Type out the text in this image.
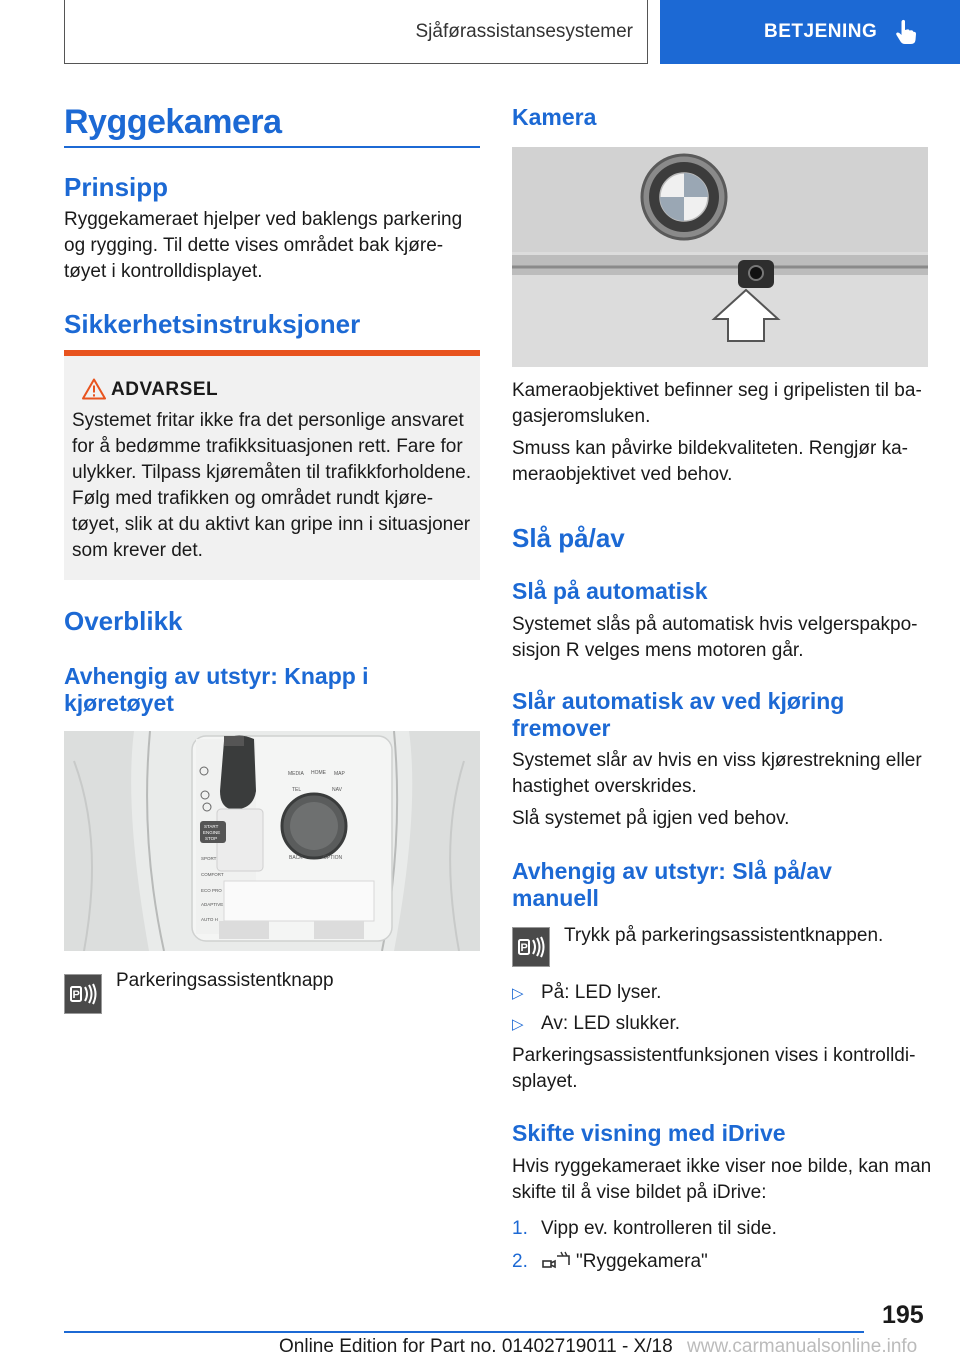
Sjåførassistansesystemer	BETJENING
Ryggekamera
Prinsipp
Ryggekameraet hjelper ved baklengs parkering
og rygging. Til dette vises området bak kjøre-
tøyet i kontrolldisplayet.
Sikkerhetsinstruksjoner
ADVARSEL
Systemet fritar ikke fra det personlige ansvaret
for å bedømme trafikksituasjonen rett. Fare for
ulykker. Tilpass kjøremåten til trafikkforholdene.
Følg med trafikken og området rundt kjøre-
tøyet, slik at du aktivt kan gripe inn i situasjoner
som krever det.
Overblikk
Avhengig av utstyr: Knapp i
kjøretøyet
MEDIA HOME MAP
TEL	NAV
BACK	OPTION
START
ENGINE
STOP
SPORT
COMFORT
ECO PRO
ADAPTIVE
AUTO H
P
Parkeringsassistentknapp
Kamera
Kameraobjektivet befinner seg i gripelisten til ba-
gasjeromsluken.
Smuss kan påvirke bildekvaliteten. Rengjør ka-
meraobjektivet ved behov.
Slå på/av
Slå på automatisk
Systemet slås på automatisk hvis velgerspakpo-
sisjon R velges mens motoren går.
Slår automatisk av ved kjøring
fremover
Systemet slår av hvis en viss kjørestrekning eller
hastighet overskrides.
Slå systemet på igjen ved behov.
Avhengig av utstyr: Slå på/av
manuell
P
Trykk på parkeringsassistentknappen.
▷ På: LED lyser.
▷ Av: LED slukker.
Parkeringsassistentfunksjonen vises i kontrolldi-
splayet.
Skifte visning med iDrive
Hvis ryggekameraet ikke viser noe bilde, kan man
skifte til å vise bildet på iDrive:
1. Vipp ev. kontrolleren til side.
2.	"Ryggekamera"
195
Online Edition for Part no. 01402719011 - X/18 www.carmanualsonline.info
